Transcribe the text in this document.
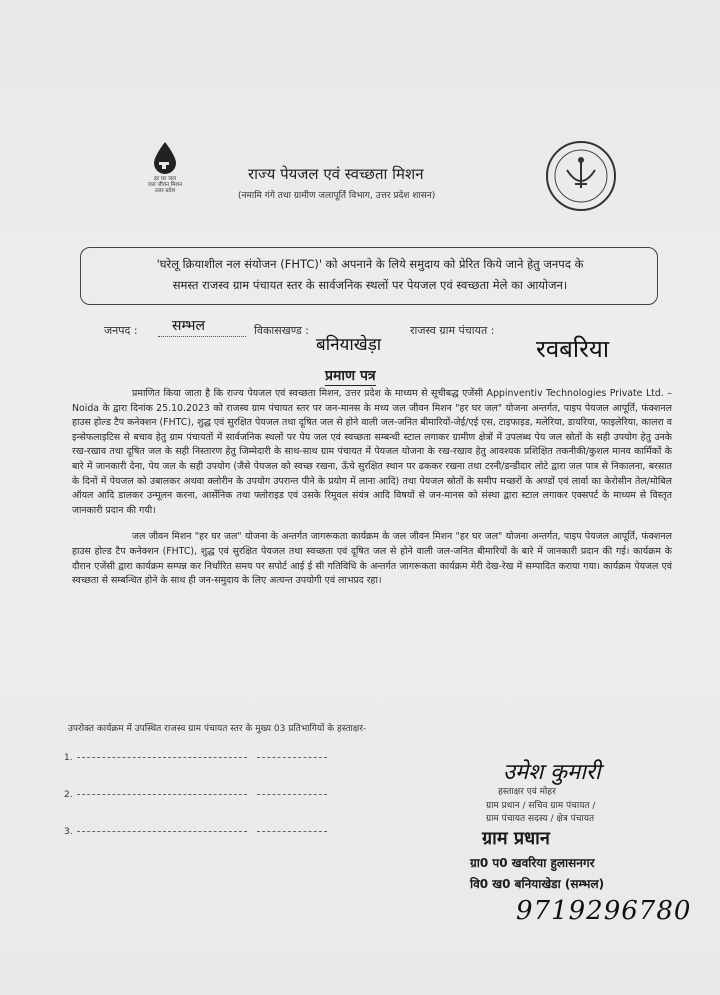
हर घर जल
जल जीवन मिशन
उत्तर प्रदेश
राज्य पेयजल एवं स्वच्छता मिशन
(नमामि गंगे तथा ग्रामीण जलापूर्ति विभाग, उत्तर प्रदेश शासन)

'घरेलू क्रियाशील नल संयोजन (FHTC)' को अपनाने के लिये समुदाय को प्रेरित किये जाने हेतु जनपद के
समस्त राजस्व ग्राम पंचायत स्तर के सार्वजनिक स्थलों पर पेयजल एवं स्वच्छता मेले का आयोजन।

जनपद : सम्भल	विकासखण्ड :
बनियाखेड़ा
राजस्व ग्राम पंचायत :
रवबरिया
प्रमाण पत्र

प्रमाणित किया जाता है कि राज्य पेयजल एवं स्वच्छता मिशन, उत्तर प्रदेश के माध्यम से सूचीबद्ध एजेंसी Appinventiv Technologies Private Ltd. – Noida के द्वारा दिनांक 25.10.2023 को राजस्व ग्राम पंचायत स्तर पर जन-मानस के मध्य जल जीवन मिशन "हर घर जल" योजना अन्तर्गत, पाइप पेयजल आपूर्ति, फंक्शनल हाउस होल्ड टैप कनेक्शन (FHTC), शुद्ध एवं सुरक्षित पेयजल तथा दूषित जल से होने वाली जल-जनित बीमारियों-जेई/एई एस, टाइफाइड, मलेरिया, डायरिया, फाइलेरिया, कालरा व इन्सेफलाइटिस से बचाव हेतु ग्राम पंचायतों में सार्वजनिक स्थलों पर पेय जल एवं स्वच्छता सम्बन्धी स्टाल लगाकर ग्रामीण क्षेत्रों में उपलब्ध पेय जल स्रोतों के सही उपयोग हेतु उनके रख-रखाव तथा दूषित जल के सही निस्तारण हेतु जिम्मेदारी के साथ-साथ ग्राम पंचायत में पेयजल योजना के रख-रखाव हेतु आवश्यक प्रशिक्षित तकनीकी/कुशल मानव कार्मिकों के बारे में जानकारी देना, पेय जल के सही उपयोग (जैसे पेयजल को स्वच्छ रखना, ऊँचे सुरक्षित स्थान पर ढककर रखना तथा टरनी/डन्डीदार लोटे द्वारा जल पात्र से निकालना, बरसात के दिनों में पेयजल को उबालकर अथवा क्लोरीन के उपयोग उपरान्त पीने के प्रयोग में लाना आदि) तथा पेयजल स्रोतों के समीप मच्छरों के अण्डों एवं लार्वा का केरोसीन तेल/मोबिल ऑयल आदि डालकर उन्मूलन करना, आर्सेनिक तथा फ्लोराइड एवं उसके रिमूवल संयंत्र आदि विषयों से जन-मानस को संस्था द्वारा स्टाल लगाकर एक्सपर्ट के माध्यम से विस्तृत जानकारी प्रदान की गयी।

जल जीवन मिशन "हर घर जल" योजना के अन्तर्गत जागरूकता कार्यक्रम के जल जीवन मिशन "हर घर जल" योजना अन्तर्गत, पाइप पेयजल आपूर्ति, फंक्शनल हाउस होल्ड टैप कनेक्शन (FHTC), शुद्ध एवं सुरक्षित पेयजल तथा स्वच्छता एवं दूषित जल से होने वाली जल-जनित बीमारियों के बारे में जानकारी प्रदान की गई। कार्यक्रम के दौरान एजेंसी द्वारा कार्यक्रम सम्पन्न कर निर्धारित समय पर सपोर्ट आई ई सी गतिविधि के अन्तर्गत जागरूकता कार्यक्रम मेरी देख-रेख में सम्पादित कराया गया। कार्यक्रम पेयजल एवं स्वच्छता से सम्बन्धित होने के साथ ही जन-समुदाय के लिए अत्यन्त उपयोगी एवं लाभप्रद रहा।

उपरोक्त कार्यक्रम में उपस्थित राजस्व ग्राम पंचायत स्तर के मुख्य 03 प्रतिभागियों के हस्ताक्षर-
1.
2.
3.
उमेश कुमारी
हस्ताक्षर एवं मोहर
ग्राम प्रधान / सचिव ग्राम पंचायत /
ग्राम पंचायत सदस्य / क्षेत्र पंचायत
ग्राम प्रधान
ग्रा0 प0 खवरिया हुलासनगर
वि0 ख0 बनियाखेडा (सम्भल)
9719296780
